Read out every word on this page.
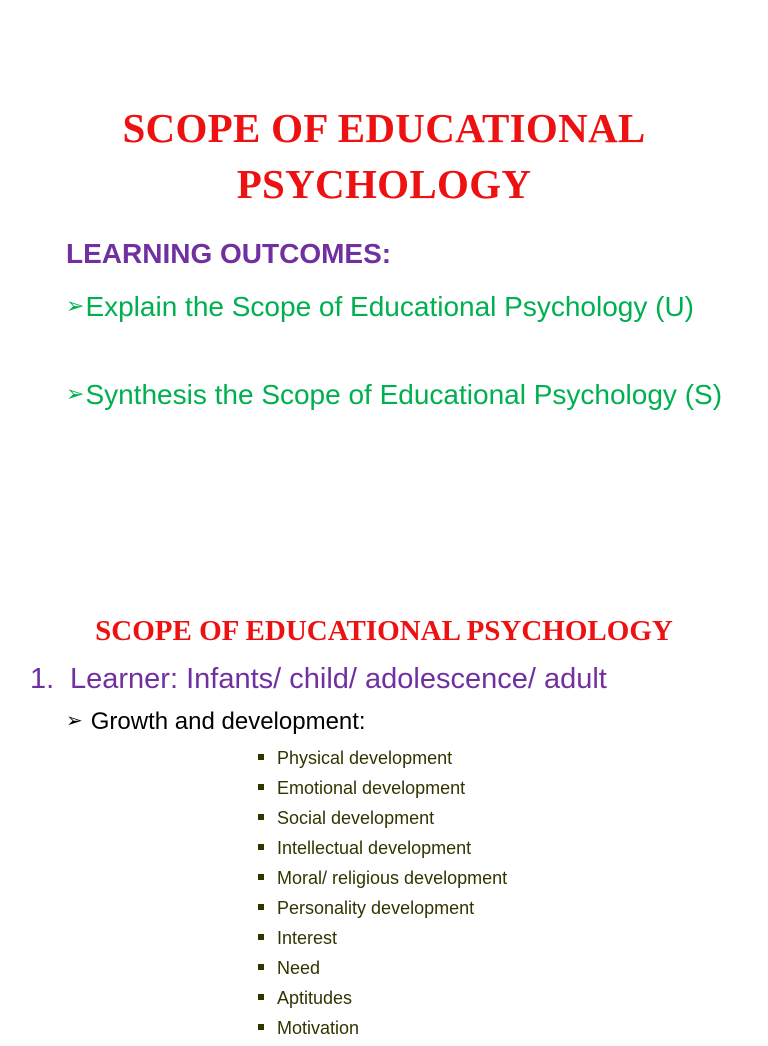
SCOPE OF EDUCATIONAL
PSYCHOLOGY
LEARNING OUTCOMES:
➢Explain the Scope of Educational Psychology (U)
➢Synthesis the Scope of Educational Psychology (S)
SCOPE OF EDUCATIONAL PSYCHOLOGY
1. Learner: Infants/ child/ adolescence/ adult
➢ Growth and development:
Physical development
Emotional development
Social development
Intellectual development
Moral/ religious development
Personality development
Interest
Need
Aptitudes
Motivation
